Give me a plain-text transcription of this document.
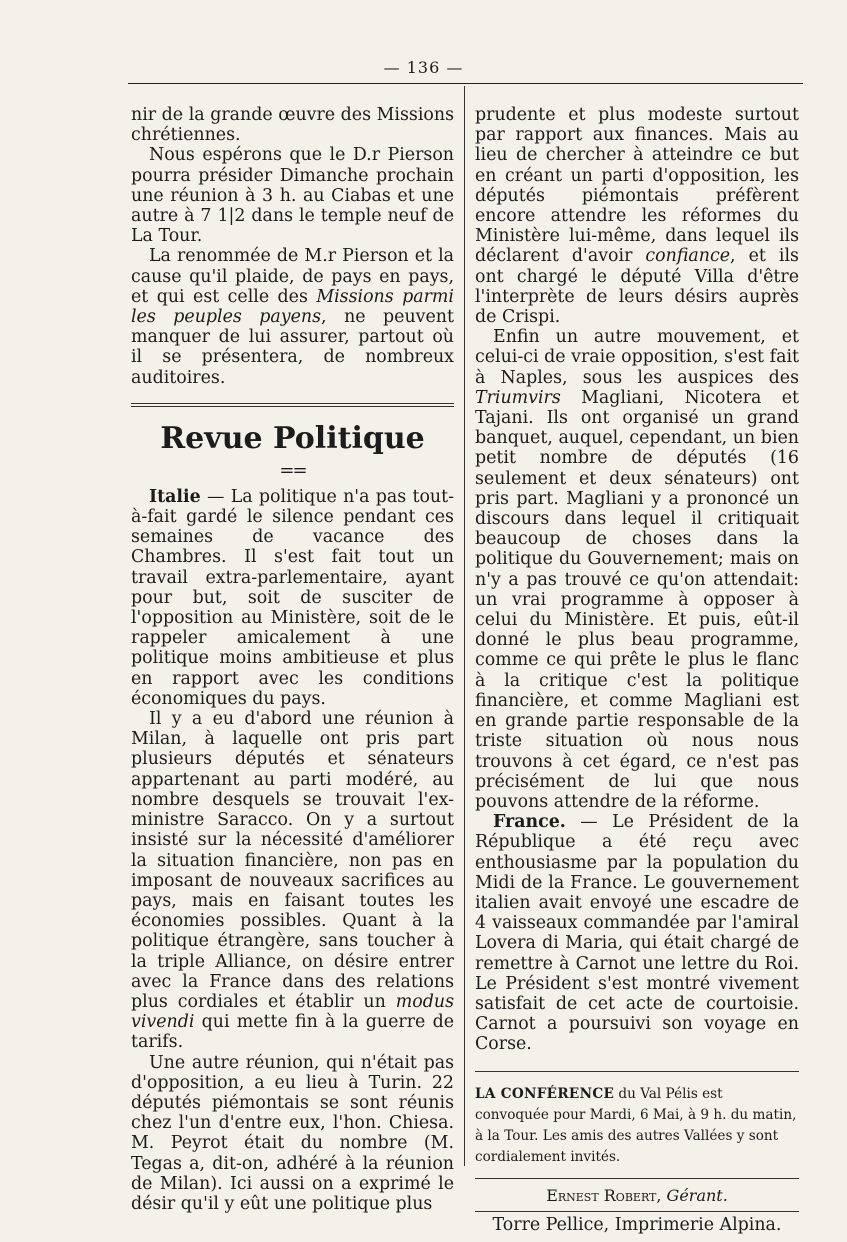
— 136 —

nir de la grande œuvre des Missions chrétiennes.

Nous espérons que le D.r Pierson pourra présider Dimanche prochain une réunion à 3 h. au Ciabas et une autre à 7 1|2 dans le temple neuf de La Tour.

La renommée de M.r Pierson et la cause qu'il plaide, de pays en pays, et qui est celle des Missions parmi les peuples payens, ne peuvent manquer de lui assurer, partout où il se présentera, de nombreux auditoires.

Revue Politique
==

Italie — La politique n'a pas tout-à-fait gardé le silence pendant ces semaines de vacance des Chambres. Il s'est fait tout un travail extra-parlementaire, ayant pour but, soit de susciter de l'opposition au Ministère, soit de le rappeler amicalement à une politique moins ambitieuse et plus en rapport avec les conditions économiques du pays.

Il y a eu d'abord une réunion à Milan, à laquelle ont pris part plusieurs députés et sénateurs appartenant au parti modéré, au nombre desquels se trouvait l'ex-ministre Saracco. On y a surtout insisté sur la nécessité d'améliorer la situation financière, non pas en imposant de nouveaux sacrifices au pays, mais en faisant toutes les économies possibles. Quant à la politique étrangère, sans toucher à la triple Alliance, on désire entrer avec la France dans des relations plus cordiales et établir un modus vivendi qui mette fin à la guerre de tarifs.

Une autre réunion, qui n'était pas d'opposition, a eu lieu à Turin. 22 députés piémontais se sont réunis chez l'un d'entre eux, l'hon. Chiesa. M. Peyrot était du nombre (M. Tegas a, dit-on, adhéré à la réunion de Milan). Ici aussi on a exprimé le désir qu'il y eût une politique plus

prudente et plus modeste surtout par rapport aux finances. Mais au lieu de chercher à atteindre ce but en créant un parti d'opposition, les députés piémontais préfèrent encore attendre les réformes du Ministère lui-même, dans lequel ils déclarent d'avoir confiance, et ils ont chargé le député Villa d'être l'interprète de leurs désirs auprès de Crispi.

Enfin un autre mouvement, et celui-ci de vraie opposition, s'est fait à Naples, sous les auspices des Triumvirs Magliani, Nicotera et Tajani. Ils ont organisé un grand banquet, auquel, cependant, un bien petit nombre de députés (16 seulement et deux sénateurs) ont pris part. Magliani y a prononcé un discours dans lequel il critiquait beaucoup de choses dans la politique du Gouvernement; mais on n'y a pas trouvé ce qu'on attendait: un vrai programme à opposer à celui du Ministère. Et puis, eût-il donné le plus beau programme, comme ce qui prête le plus le flanc à la critique c'est la politique financière, et comme Magliani est en grande partie responsable de la triste situation où nous nous trouvons à cet égard, ce n'est pas précisément de lui que nous pouvons attendre de la réforme.

France. — Le Président de la République a été reçu avec enthousiasme par la population du Midi de la France. Le gouvernement italien avait envoyé une escadre de 4 vaisseaux commandée par l'amiral Lovera di Maria, qui était chargé de remettre à Carnot une lettre du Roi. Le Président s'est montré vivement satisfait de cet acte de courtoisie. Carnot a poursuivi son voyage en Corse.

LA CONFÉRENCE du Val Pélis est convoquée pour Mardi, 6 Mai, à 9 h. du matin, à la Tour. Les amis des autres Vallées y sont cordialement invités.
Ernest Robert, Gérant.
Torre Pellice, Imprimerie Alpina.
